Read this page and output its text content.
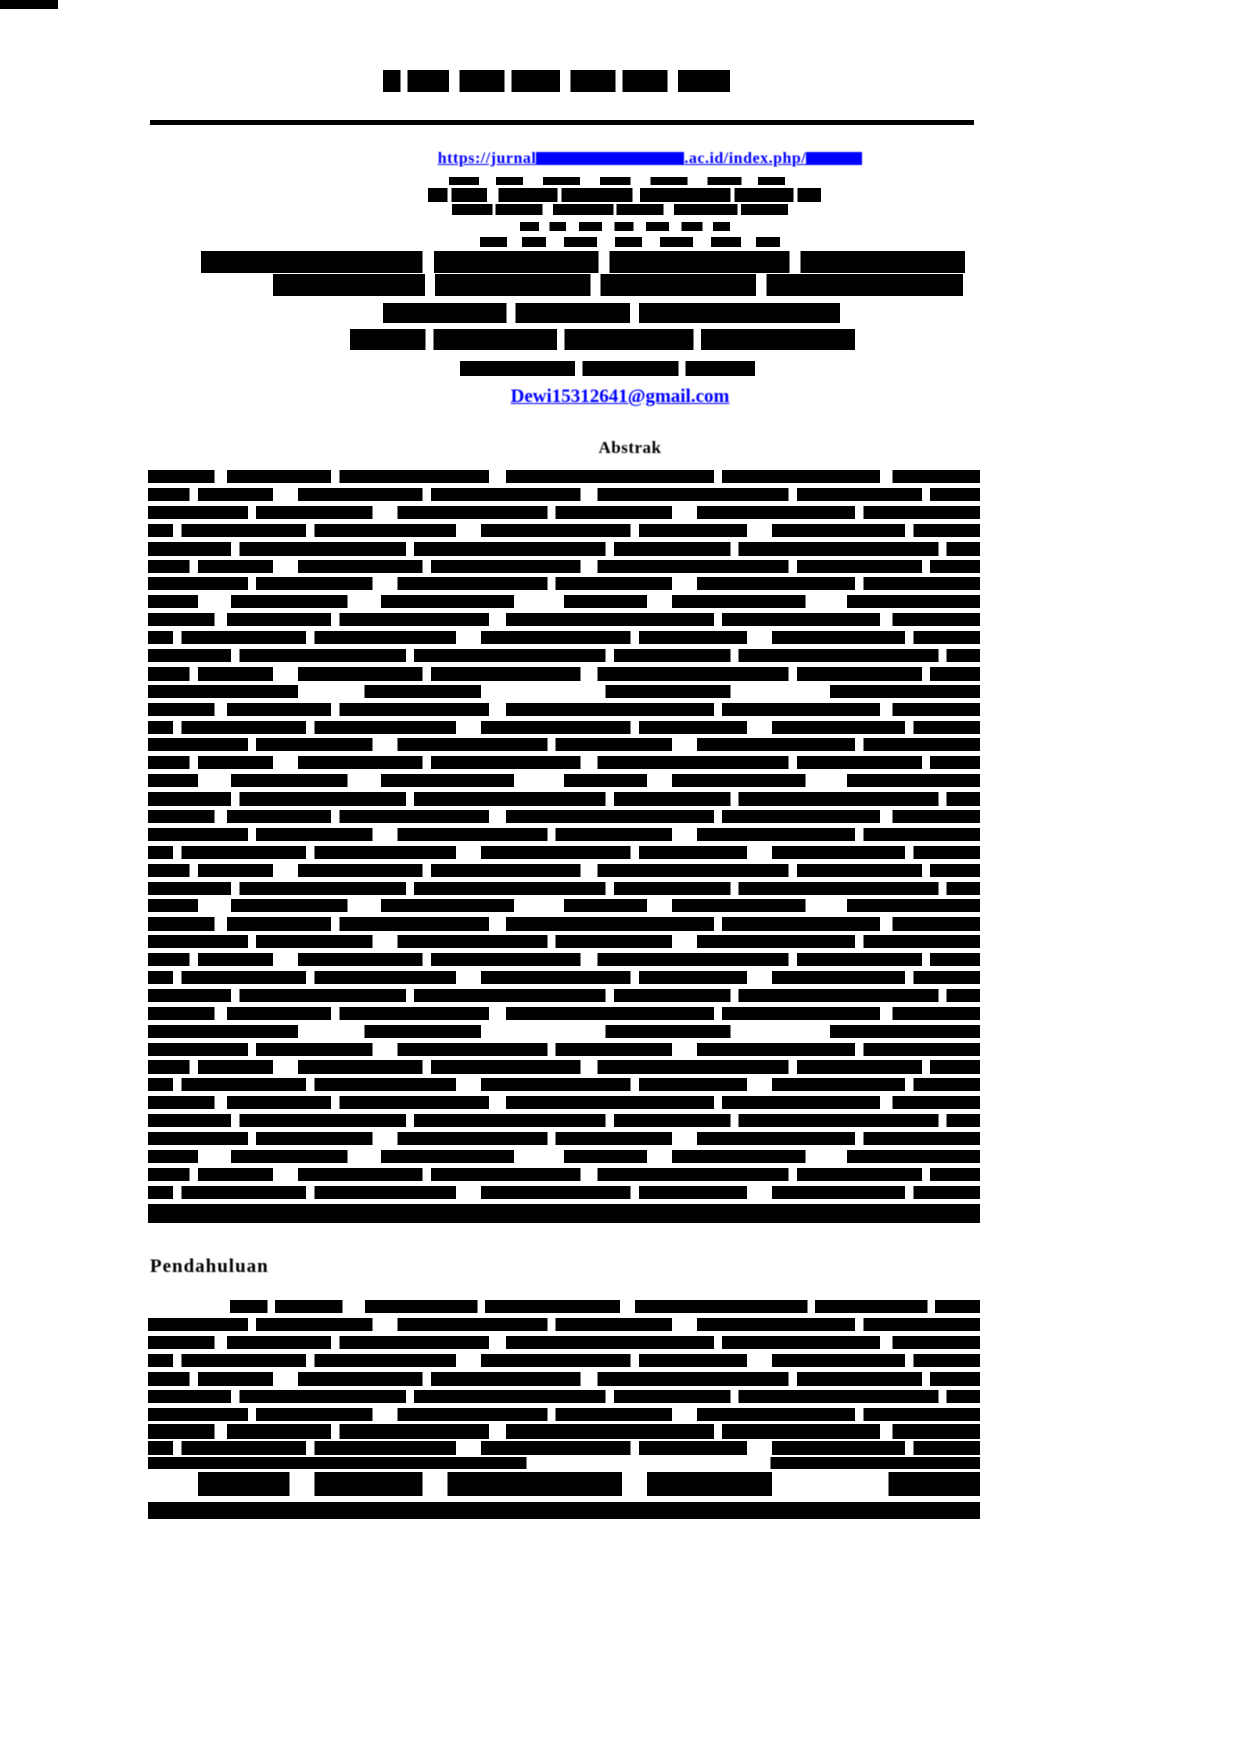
https://jurnal	.ac.id/index.php/
Dewi15312641@gmail.com
Abstrak
Pendahuluan
